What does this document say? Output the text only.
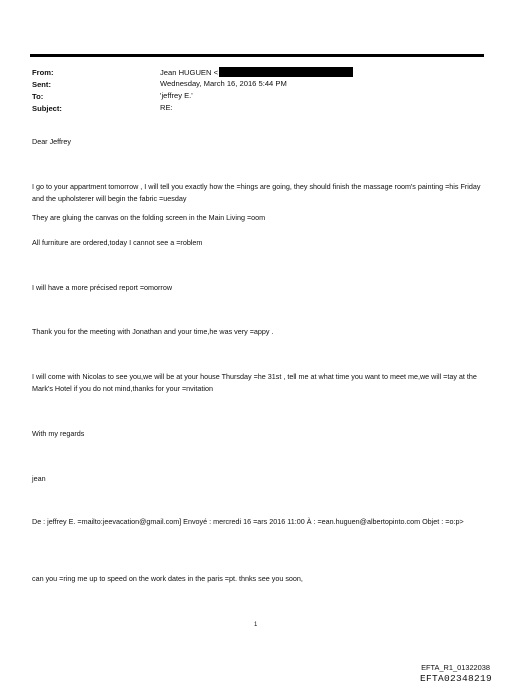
From:	Jean HUGUEN <
Sent:	Wednesday, March 16, 2016 5:44 PM
To:	'jeffrey E.'
Subject:	RE:

Dear Jeffrey

I go to your appartment tomorrow , I will tell you exactly how the =hings are going, they should finish the massage room's painting =his Friday and the upholsterer will begin the fabric =uesday

They are gluing the canvas on the folding screen in the Main Living =oom

All furniture are ordered,today I cannot see a =roblem

I will have a more précised report =omorrow

Thank you for the meeting with Jonathan and your time,he was very =appy .

I will come with Nicolas to see you,we will be at your house Thursday =he 31st , tell me at what time you want to meet me,we will =tay at the Mark's Hotel if you do not mind,thanks for your =nvitation

With my regards

jean

De : jeffrey E. =mailto:jeevacation@gmail.com] Envoyé : mercredi 16 =ars 2016 11:00 À : =ean.huguen@albertopinto.com Objet : =o:p>

can you =ring me up to speed on the work dates in the paris =pt. thnks see you soon,

1
EFTA_R1_01322038
EFTA02348219
